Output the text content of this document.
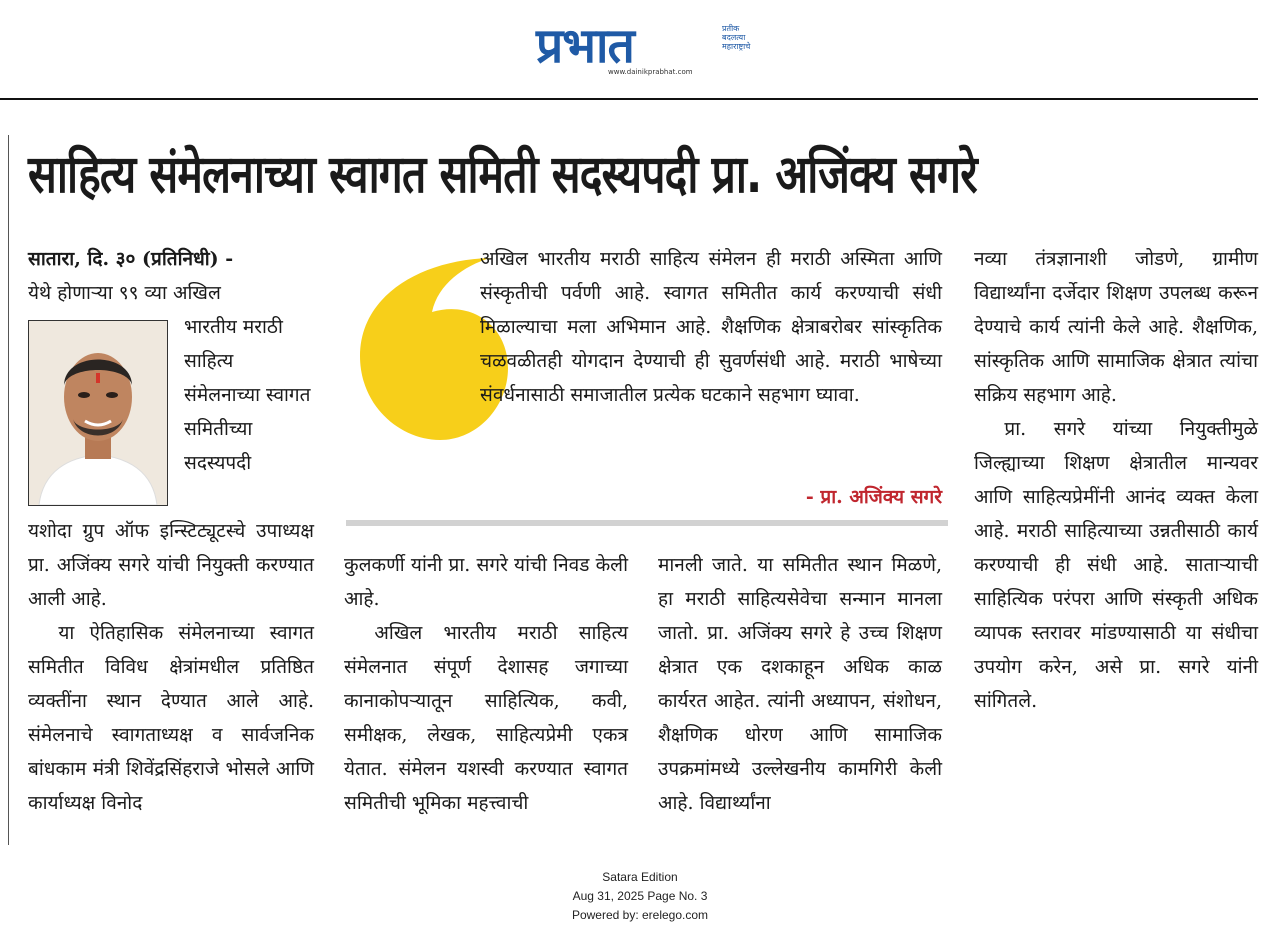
प्रभात	प्रतीक बदलत्या महाराष्ट्राचे
www.dainikprabhat.com
साहित्य संमेलनाच्या स्वागत समिती सदस्यपदी प्रा. अजिंक्य सगरे

सातारा, दि. ३० (प्रतिनिधी) -

येथे होणाऱ्या ९९ व्या अखिल

भारतीय मराठी साहित्य संमेलनाच्या स्वागत समितीच्या सदस्यपदी

यशोदा ग्रुप ऑफ इन्स्टिट्यूटस्चे उपाध्यक्ष प्रा. अजिंक्य सगरे यांची नियुक्ती करण्यात आली आहे.

या ऐतिहासिक संमेलनाच्या स्वागत समितीत विविध क्षेत्रांमधील प्रतिष्ठित व्यक्तींना स्थान देण्यात आले आहे. संमेलनाचे स्वागताध्यक्ष व सार्वजनिक बांधकाम मंत्री शिवेंद्रसिंहराजे भोसले आणि कार्याध्यक्ष विनोद

अखिल भारतीय मराठी साहित्य संमेलन ही मराठी अस्मिता आणि संस्कृतीची पर्वणी आहे. स्वागत समितीत कार्य करण्याची संधी मिळाल्याचा मला अभिमान आहे. शैक्षणिक क्षेत्राबरोबर सांस्कृतिक चळवळीतही योगदान देण्याची ही सुवर्णसंधी आहे. मराठी भाषेच्या संवर्धनासाठी समाजातील प्रत्येक घटकाने सहभाग घ्यावा.
- प्रा. अजिंक्य सगरे

कुलकर्णी यांनी प्रा. सगरे यांची निवड केली आहे.

अखिल भारतीय मराठी साहित्य संमेलनात संपूर्ण देशासह जगाच्या कानाकोपऱ्यातून साहित्यिक, कवी, समीक्षक, लेखक, साहित्यप्रेमी एकत्र येतात. संमेलन यशस्वी करण्यात स्वागत समितीची भूमिका महत्त्वाची

मानली जाते. या समितीत स्थान मिळणे, हा मराठी साहित्यसेवेचा सन्मान मानला जातो. प्रा. अजिंक्य सगरे हे उच्च शिक्षण क्षेत्रात एक दशकाहून अधिक काळ कार्यरत आहेत. त्यांनी अध्यापन, संशोधन, शैक्षणिक धोरण आणि सामाजिक उपक्रमांमध्ये उल्लेखनीय कामगिरी केली आहे. विद्यार्थ्यांना

नव्या तंत्रज्ञानाशी जोडणे, ग्रामीण विद्यार्थ्यांना दर्जेदार शिक्षण उपलब्ध करून देण्याचे कार्य त्यांनी केले आहे. शैक्षणिक, सांस्कृतिक आणि सामाजिक क्षेत्रात त्यांचा सक्रिय सहभाग आहे.

प्रा. सगरे यांच्या नियुक्तीमुळे जिल्ह्याच्या शिक्षण क्षेत्रातील मान्यवर आणि साहित्यप्रेमींनी आनंद व्यक्त केला आहे. मराठी साहित्याच्या उन्नतीसाठी कार्य करण्याची ही संधी आहे. साताऱ्याची साहित्यिक परंपरा आणि संस्कृती अधिक व्यापक स्तरावर मांडण्यासाठी या संधीचा उपयोग करेन, असे प्रा. सगरे यांनी सांगितले.

Satara Edition
Aug 31, 2025 Page No. 3
Powered by: erelego.com
